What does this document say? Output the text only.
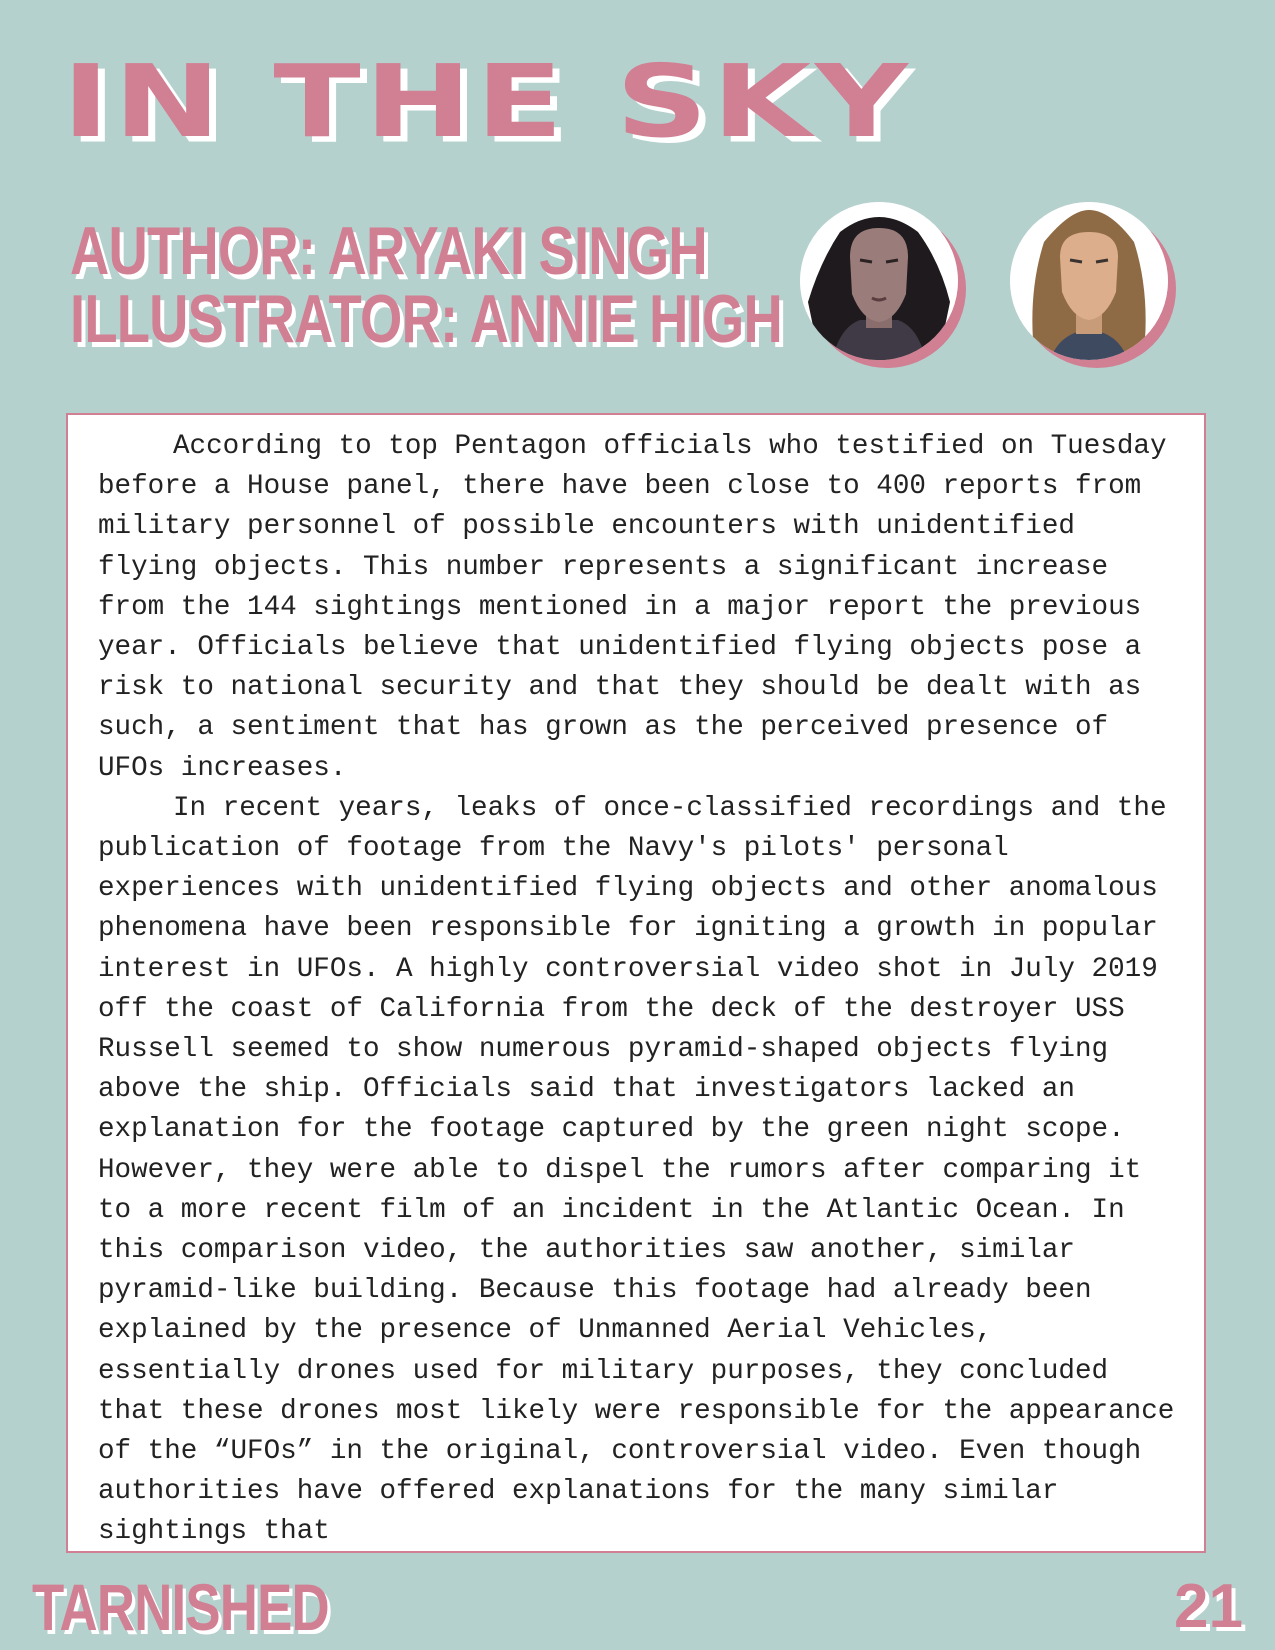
IN THE SKY
AUTHOR: ARYAKI SINGH
ILLUSTRATOR: ANNIE HIGH

According to top Pentagon officials who testified on Tuesday before a House panel, there have been close to 400 reports from military personnel of possible encounters with unidentified flying objects. This number represents a significant increase from the 144 sightings mentioned in a major report the previous year. Officials believe that unidentified flying objects pose a risk to national security and that they should be dealt with as such, a sentiment that has grown as the perceived presence of UFOs increases.

In recent years, leaks of once-classified recordings and the publication of footage from the Navy's pilots' personal experiences with unidentified flying objects and other anomalous phenomena have been responsible for igniting a growth in popular interest in UFOs. A highly controversial video shot in July 2019 off the coast of California from the deck of the destroyer USS Russell seemed to show numerous pyramid-shaped objects flying above the ship. Officials said that investigators lacked an explanation for the footage captured by the green night scope. However, they were able to dispel the rumors after comparing it to a more recent film of an incident in the Atlantic Ocean. In this comparison video, the authorities saw another, similar pyramid-like building. Because this footage had already been explained by the presence of Unmanned Aerial Vehicles, essentially drones used for military purposes, they concluded that these drones most likely were responsible for the appearance of the “UFOs” in the original, controversial video. Even though authorities have offered explanations for the many similar sightings that

TARNISHED	21
